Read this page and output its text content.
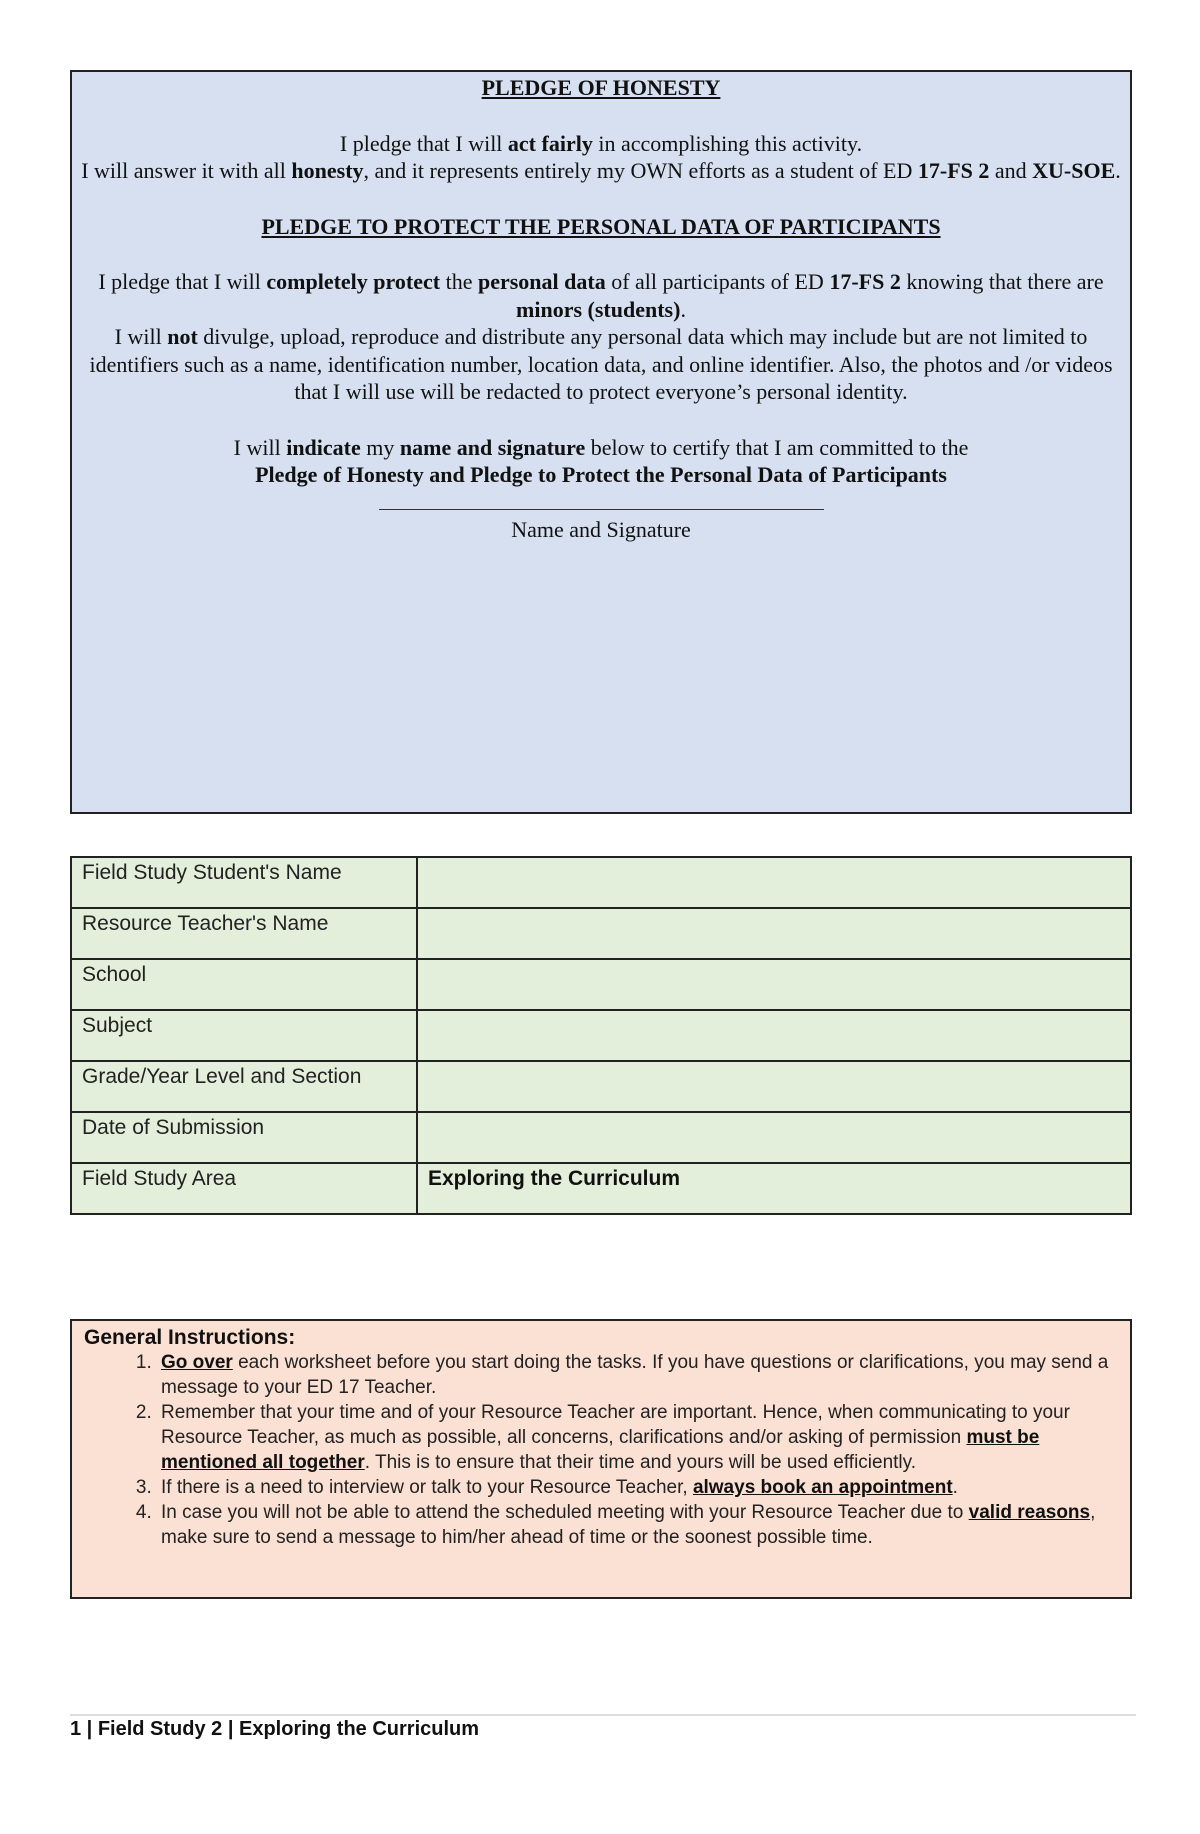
PLEDGE OF HONESTY

I pledge that I will act fairly in accomplishing this activity.

I will answer it with all honesty, and it represents entirely my OWN efforts as a student of ED 17-FS 2 and XU-SOE.

PLEDGE TO PROTECT THE PERSONAL DATA OF PARTICIPANTS

I pledge that I will completely protect the personal data of all participants of ED 17-FS 2 knowing that there are minors (students).

I will not divulge, upload, reproduce and distribute any personal data which may include but are not limited to identifiers such as a name, identification number, location data, and online identifier. Also, the photos and /or videos that I will use will be redacted to protect everyone’s personal identity.

I will indicate my name and signature below to certify that I am committed to the

Pledge of Honesty and Pledge to Protect the Personal Data of Participants

Name and Signature

Field Study Student's Name	
Resource Teacher's Name	
School	
Subject	
Grade/Year Level and Section	
Date of Submission	
Field Study Area	Exploring the Curriculum
General Instructions:
1. Go over each worksheet before you start doing the tasks. If you have questions or clarifications, you may send a message to your ED 17 Teacher.
2. Remember that your time and of your Resource Teacher are important. Hence, when communicating to your Resource Teacher, as much as possible, all concerns, clarifications and/or asking of permission must be mentioned all together. This is to ensure that their time and yours will be used efficiently.
3. If there is a need to interview or talk to your Resource Teacher, always book an appointment.
4. In case you will not be able to attend the scheduled meeting with your Resource Teacher due to valid reasons, make sure to send a message to him/her ahead of time or the soonest possible time.
1 | Field Study 2 | Exploring the Curriculum
